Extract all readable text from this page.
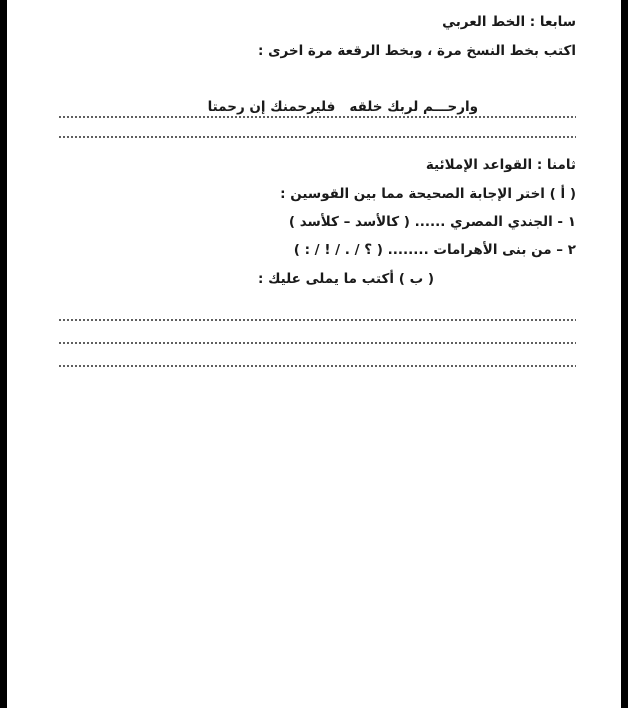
سابعا : الخط العربي
اكتب بخط النسخ مرة ، وبخط الرقعة مرة اخرى :
وارحـــم لربك خلقهفليرحمنك إن رحمتا
ثامنا : القواعد الإملائية
( أ ) اختر الإجابة الصحيحة مما بين القوسين :
١ - الجندي المصري ...... ( كالأسد – كلأسد )
٢ – من بنى الأهرامات ........ ( ؟ / . / ! / : )
( ب ) أكتب ما يملى عليك :
